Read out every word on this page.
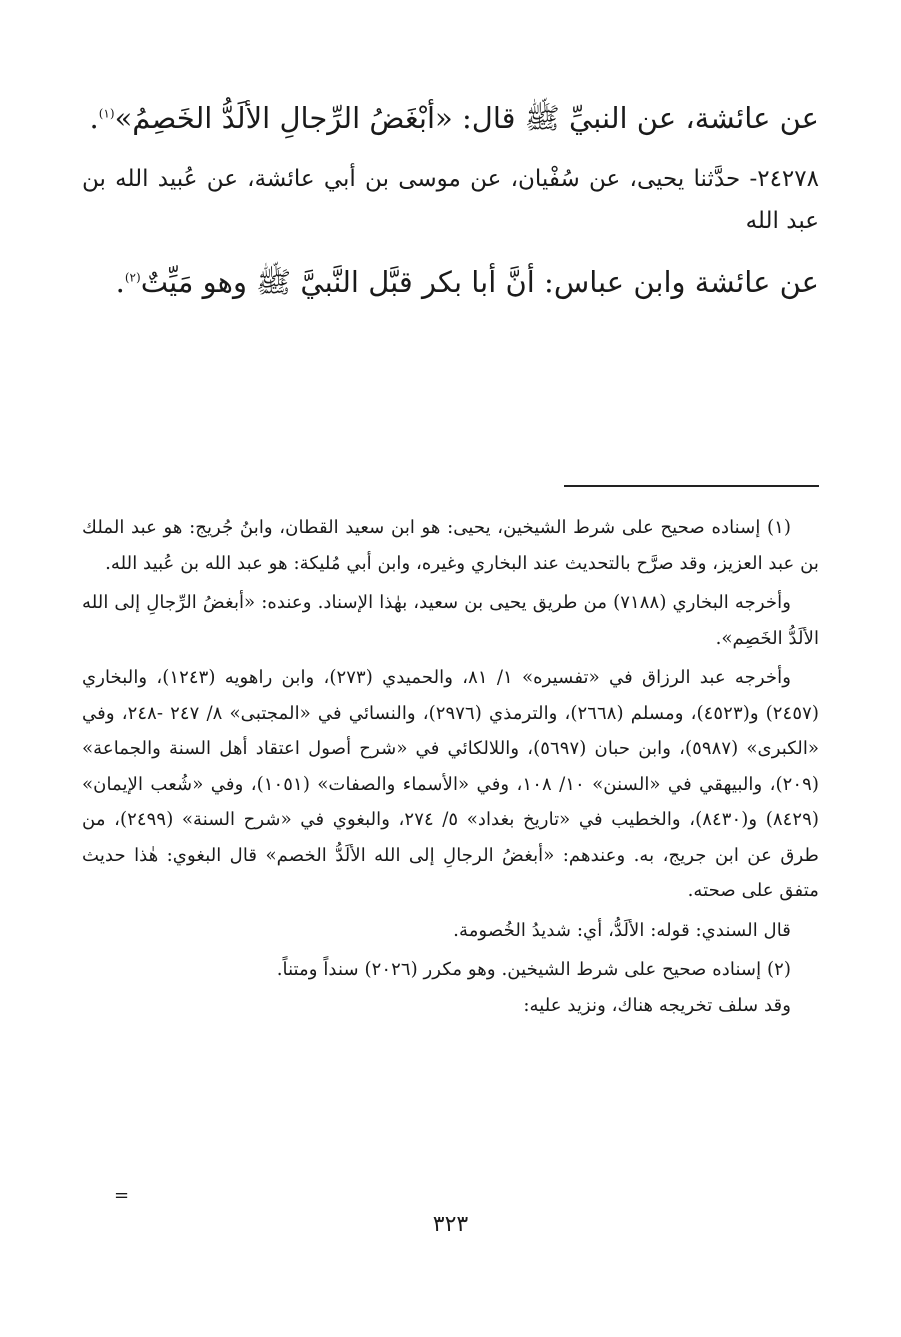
عن عائشة، عن النبيِّ ﷺ قال: «أبْغَضُ الرِّجالِ الألَدُّ الخَصِمُ»$^{(١)}$.

٢٤٢٧٨- حدَّثنا يحيى، عن سُفْيان، عن موسى بن أبي عائشة، عن عُبيد الله بن عبد الله

عن عائشة وابن عباس: أنَّ أبا بكر قبَّل النَّبيَّ ﷺ وهو مَيِّتٌ$^{(٢)}$.

(١) إسناده صحيح على شرط الشيخين، يحيى: هو ابن سعيد القطان، وابنُ جُريج: هو عبد الملك بن عبد العزيز، وقد صرَّح بالتحديث عند البخاري وغيره، وابن أبي مُليكة: هو عبد الله بن عُبيد الله.

وأخرجه البخاري (٧١٨٨) من طريق يحيى بن سعيد، بهٰذا الإسناد. وعنده: «أبغضُ الرِّجالِ إلى الله الألَدُّ الخَصِم».

وأخرجه عبد الرزاق في «تفسيره» ١/ ٨١، والحميدي (٢٧٣)، وابن راهويه (١٢٤٣)، والبخاري (٢٤٥٧) و(٤٥٢٣)، ومسلم (٢٦٦٨)، والترمذي (٢٩٧٦)، والنسائي في «المجتبى» ٨/ ٢٤٧ -٢٤٨، وفي «الكبرى» (٥٩٨٧)، وابن حبان (٥٦٩٧)، واللالكائي في «شرح أصول اعتقاد أهل السنة والجماعة» (٢٠٩)، والبيهقي في «السنن» ١٠/ ١٠٨، وفي «الأسماء والصفات» (١٠٥١)، وفي «شُعب الإيمان» (٨٤٢٩) و(٨٤٣٠)، والخطيب في «تاريخ بغداد» ٥/ ٢٧٤، والبغوي في «شرح السنة» (٢٤٩٩)، من طرق عن ابن جريج، به. وعندهم: «أبغضُ الرجالِ إلى الله الألَدُّ الخصم» قال البغوي: هٰذا حديث متفق على صحته.

قال السندي: قوله: الألَدُّ، أي: شديدُ الخُصومة.

(٢) إسناده صحيح على شرط الشيخين. وهو مكرر (٢٠٢٦) سنداً ومتناً.

وقد سلف تخريجه هناك، ونزيد عليه:

=
٣٢٣
